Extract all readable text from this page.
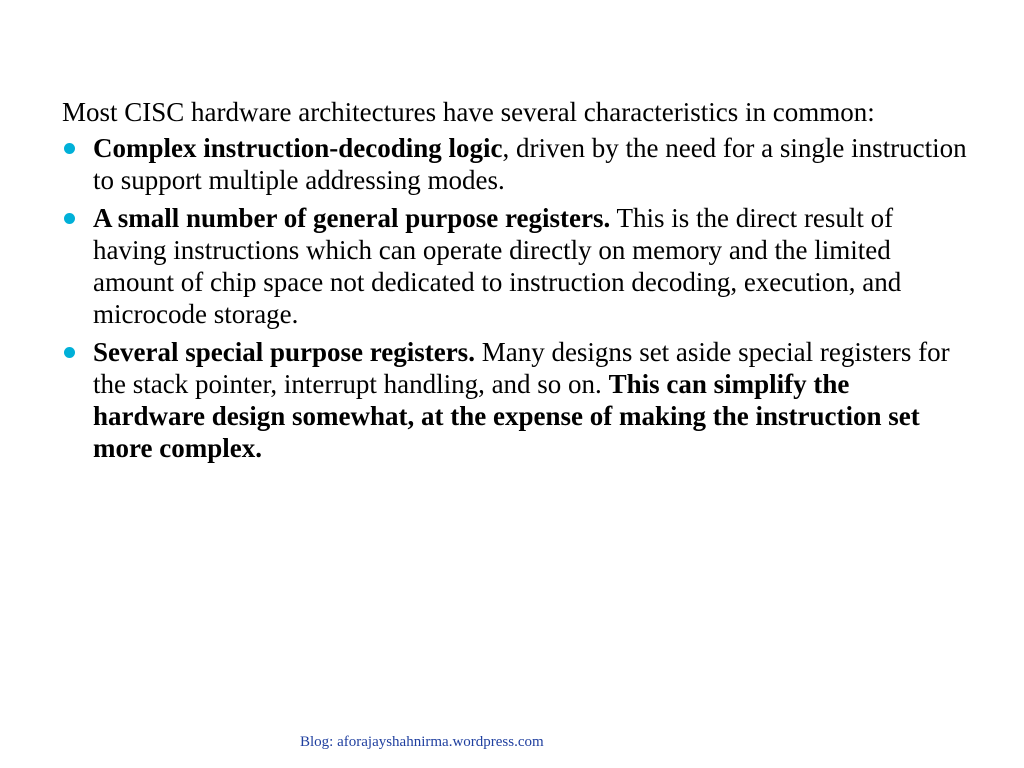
Most CISC hardware architectures have several characteristics in common:

Complex instruction-decoding logic, driven by the need for a single instruction to support multiple addressing modes.
A small number of general purpose registers. This is the direct result of having instructions which can operate directly on memory and the limited amount of chip space not dedicated to instruction decoding, execution, and microcode storage.
Several special purpose registers. Many designs set aside special registers for the stack pointer, interrupt handling, and so on. This can simplify the hardware design somewhat, at the expense of making the instruction set more complex.
Blog: aforajayshahnirma.wordpress.com
